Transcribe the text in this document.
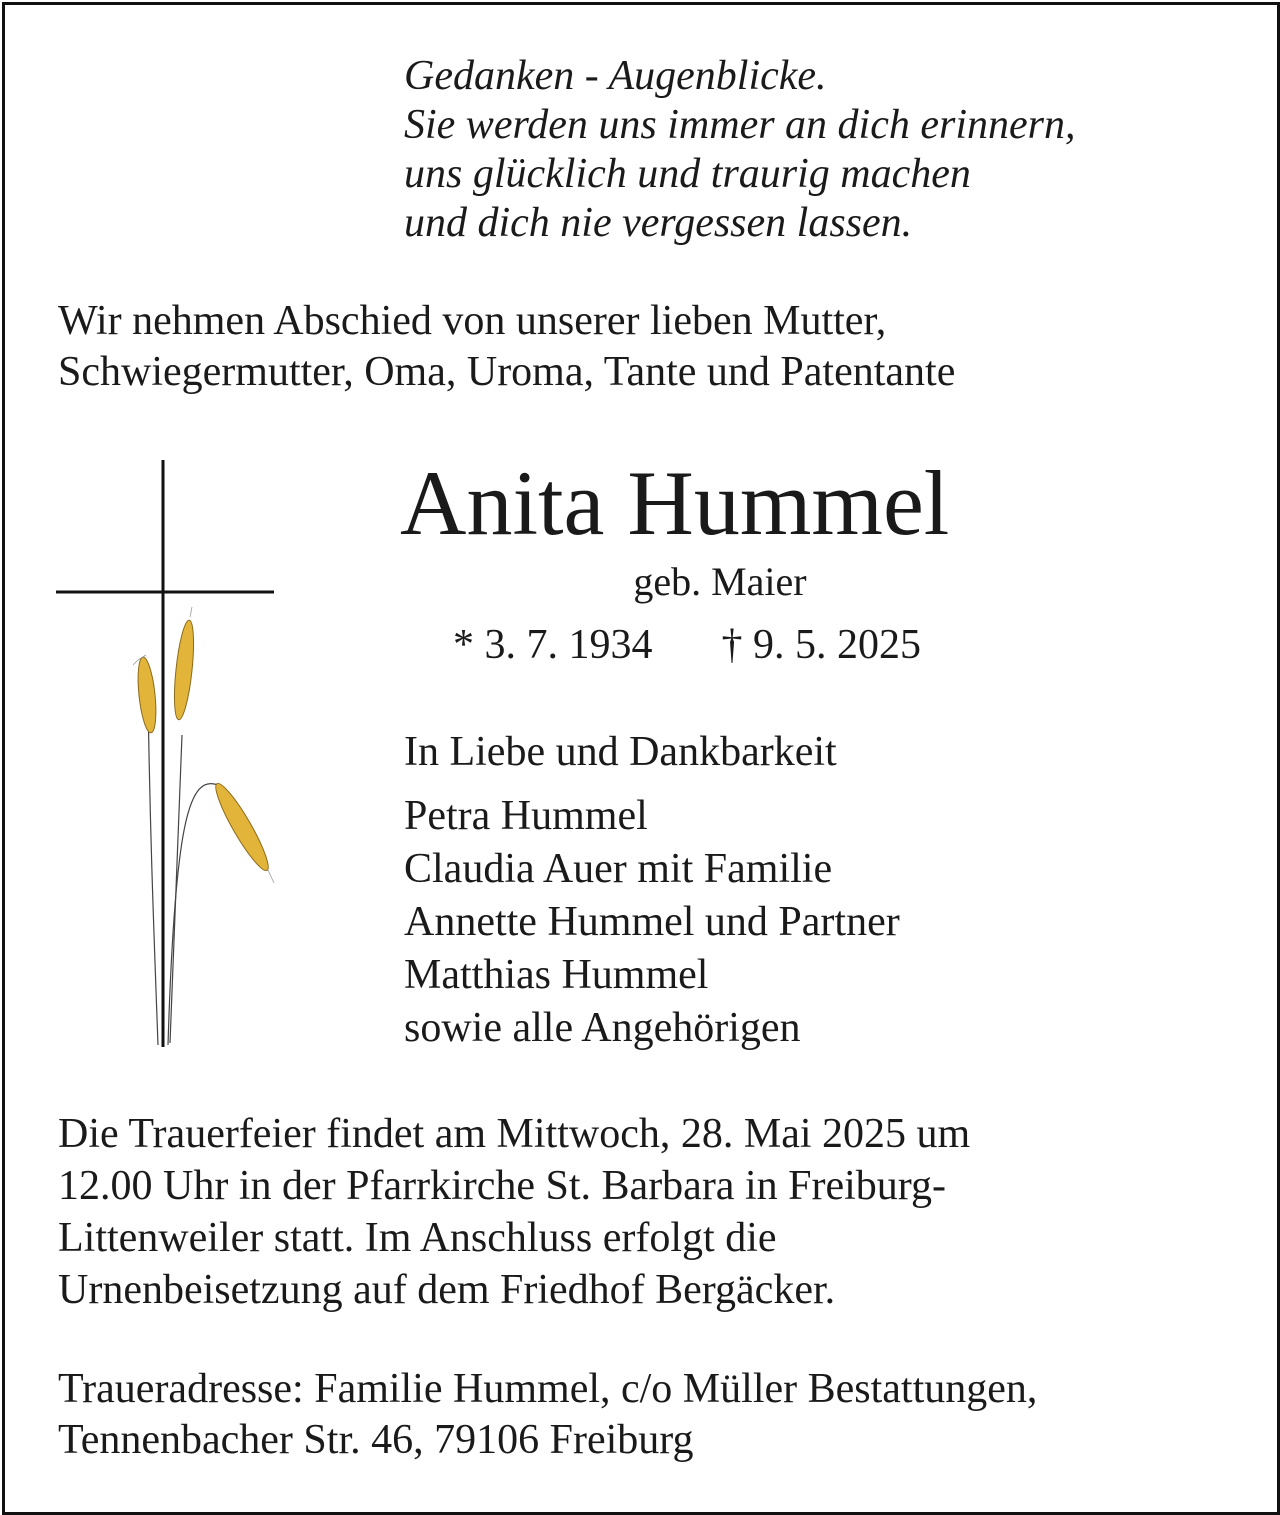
Gedanken - Augenblicke.
Sie werden uns immer an dich erinnern,
uns glücklich und traurig machen
und dich nie vergessen lassen.
Wir nehmen Abschied von unserer lieben Mutter,
Schwiegermutter, Oma, Uroma, Tante und Patentante
Anita Hummel
geb. Maier
* 3. 7. 1934 † 9. 5. 2025
In Liebe und Dankbarkeit
Petra Hummel
Claudia Auer mit Familie
Annette Hummel und Partner
Matthias Hummel
sowie alle Angehörigen
Die Trauerfeier findet am Mittwoch, 28. Mai 2025 um
12.00 Uhr in der Pfarrkirche St. Barbara in Freiburg-
Littenweiler statt. Im Anschluss erfolgt die
Urnenbeisetzung auf dem Friedhof Bergäcker.
Traueradresse: Familie Hummel, c/o Müller Bestattungen,
Tennenbacher Str. 46, 79106 Freiburg
